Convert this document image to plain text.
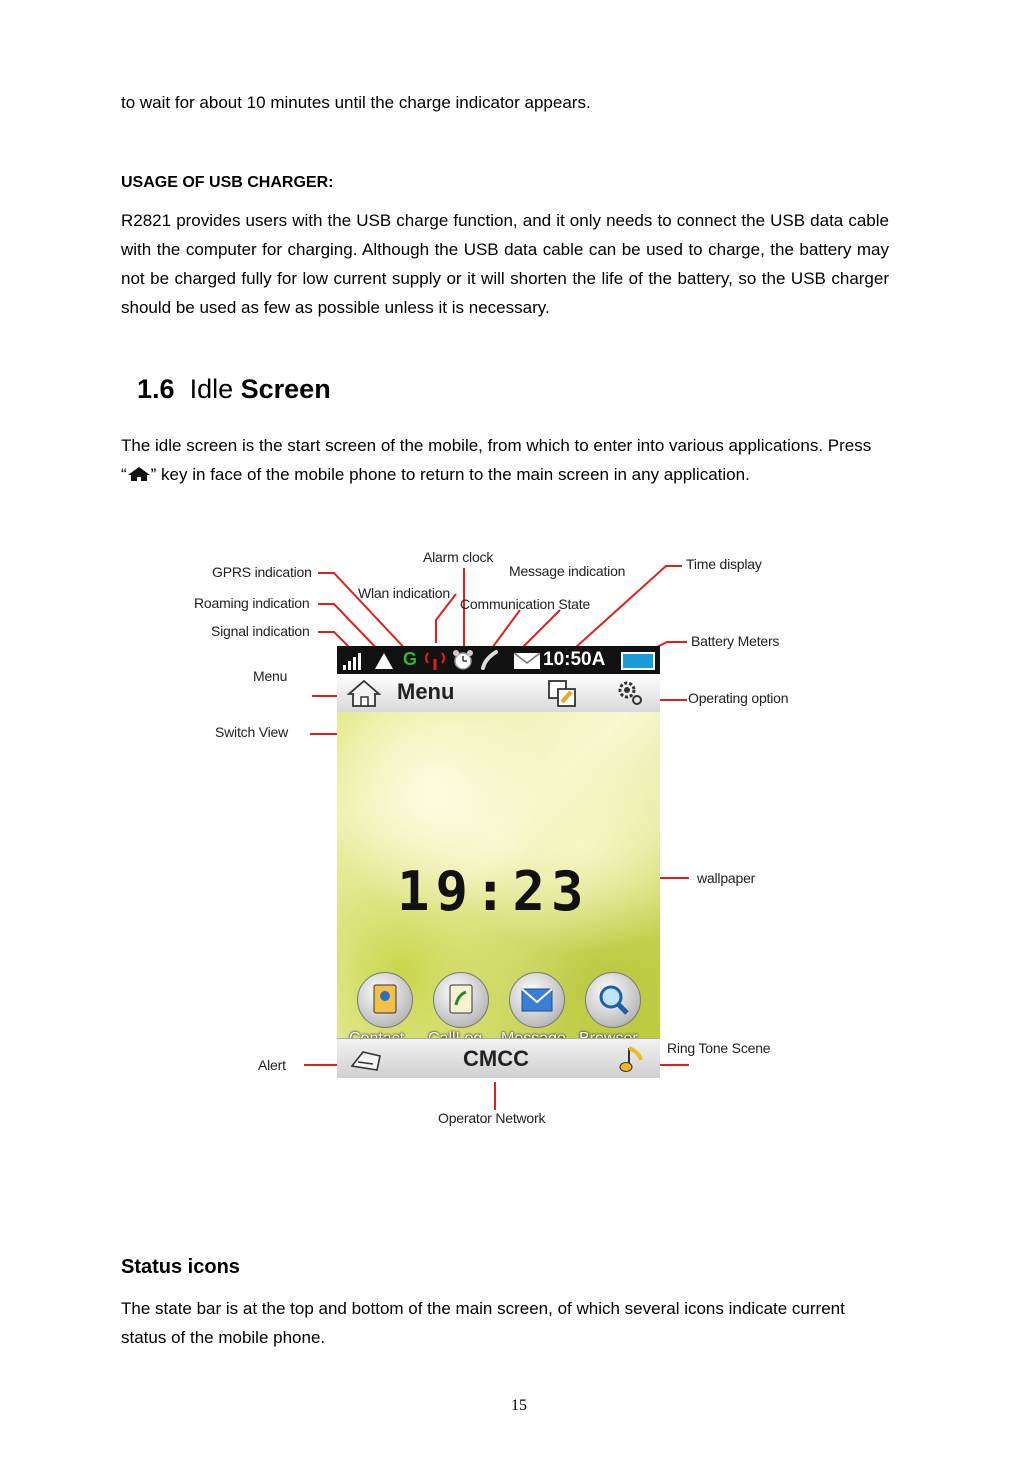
to wait for about 10 minutes until the charge indicator appears.
USAGE OF USB CHARGER:
R2821 provides users with the USB charge function, and it only needs to connect the USB data cable with the computer for charging. Although the USB data cable can be used to charge, the battery may not be charged fully for low current supply or it will shorten the life of the battery, so the USB charger should be used as few as possible unless it is necessary.
1.6 Idle Screen
The idle screen is the start screen of the mobile, from which to enter into various applications. Press “ ” key in face of the mobile phone to return to the main screen in any application.
GPRS indication
Roaming indication
Signal indication
Wlan indication
Alarm clock
Communication State
Message indication	Time display
Battery Meters
Menu
Operating option
Switch View
wallpaper
Alert
Ring Tone Scene
Operator Network
G	10:50A
Menu
19:23
CMCC
Status icons
The state bar is at the top and bottom of the main screen, of which several icons indicate current status of the mobile phone.
15
